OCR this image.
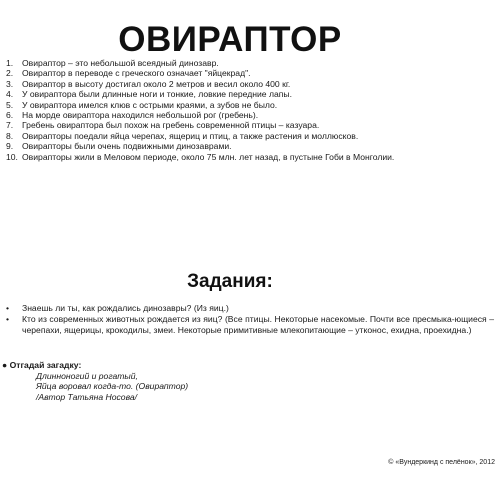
ОВИРАПТОР
1.	Овираптор – это небольшой всеядный динозавр.
2.	Овираптор в переводе с греческого означает "яйцекрад".
3.	Овираптор в высоту достигал около 2 метров и весил около 400 кг.
4.	У овираптора были длинные ноги и тонкие, ловкие передние лапы.
5.	У овираптора имелся клюв с острыми краями, а зубов не было.
6.	На морде овираптора находился небольшой рог (гребень).
7.	Гребень овираптора был похож на гребень современной птицы – казуара.
8.	Овирапторы поедали яйца черепах, ящериц и птиц, а также растения и моллюсков.
9.	Овирапторы были очень подвижными динозаврами.
10. Овирапторы жили в Меловом периоде, около 75 млн. лет назад, в пустыне Гоби в Монголии.
Задания:
•	Знаешь ли ты, как рождались динозавры? (Из яиц.)
•	Кто из современных животных рождается из яиц? (Все птицы. Некоторые насекомые. Почти все пресмыка-ющиеся – черепахи, ящерицы, крокодилы, змеи. Некоторые примитивные млекопитающие – утконос, ехидна, проехидна.)
● Отгадай загадку:
Длинноногий и рогатый,
Яйца воровал когда-то. (Овираптор)
/Автор Татьяна Носова/
© «Вундеркинд с пелёнок», 2012
